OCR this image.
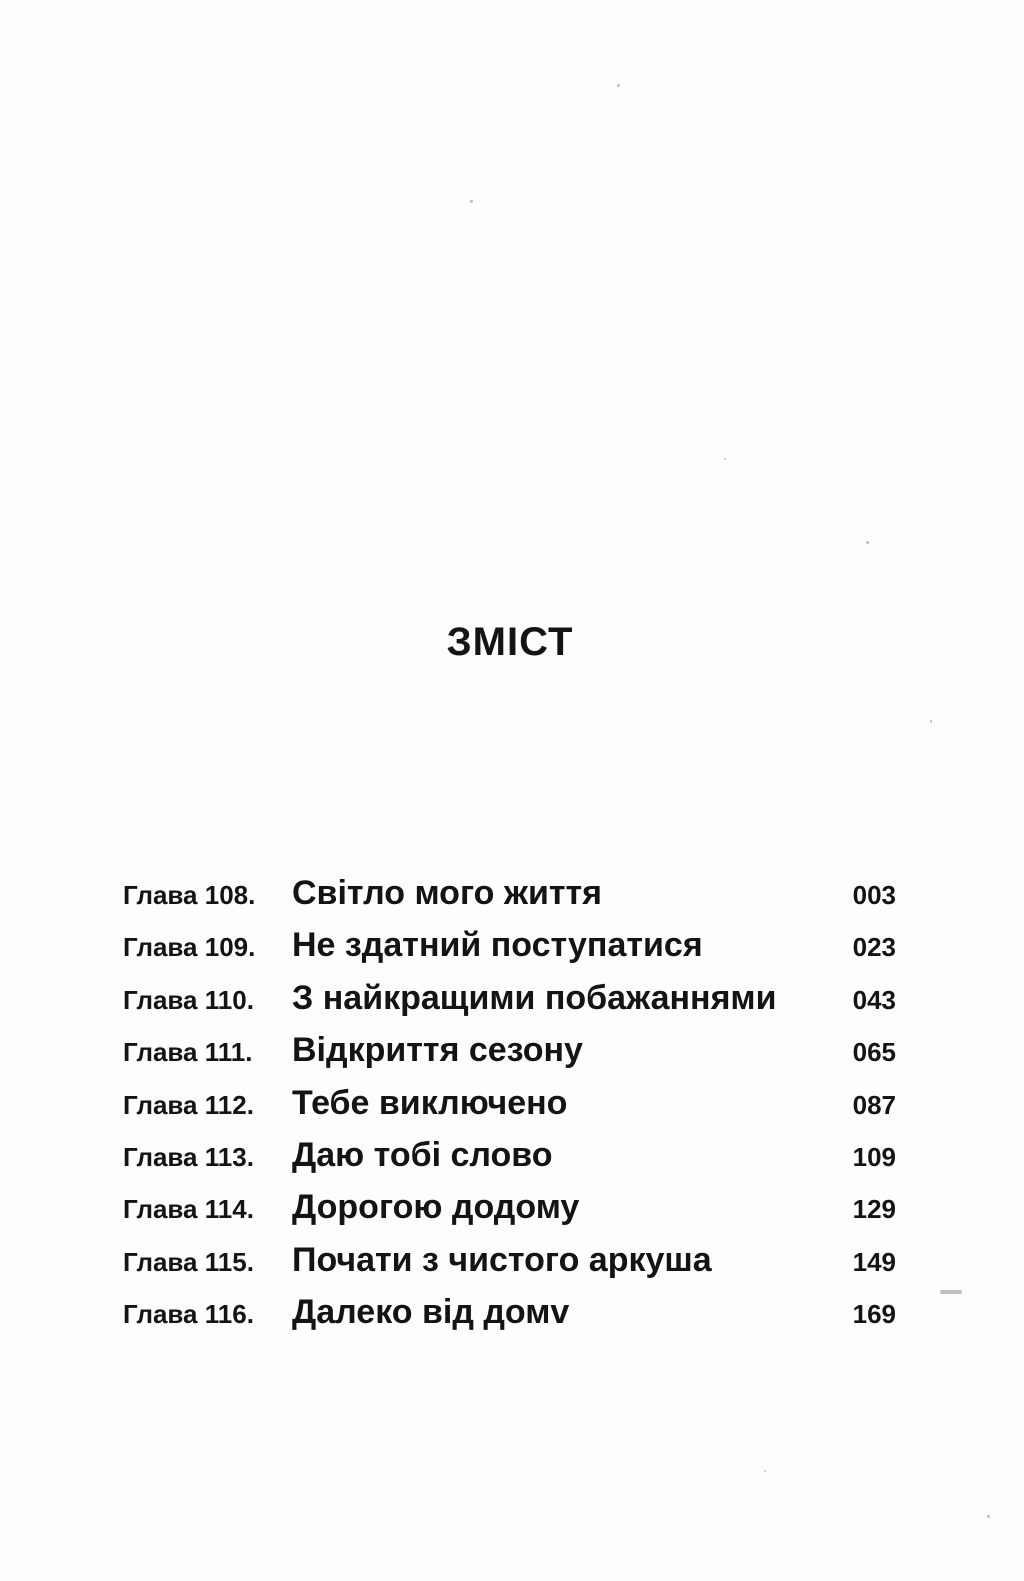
ЗМІСТ
Глава 108. Світло мого життя	003
Глава 109. Не здатний поступатися	023
Глава 110. З найкращими побажаннями	043
Глава 111. Відкриття сезону	065
Глава 112. Тебе виключено	087
Глава 113. Даю тобі слово	109
Глава 114. Дорогою додому	129
Глава 115. Почати з чистого аркуша	149
Глава 116. Далеко від домv	169
